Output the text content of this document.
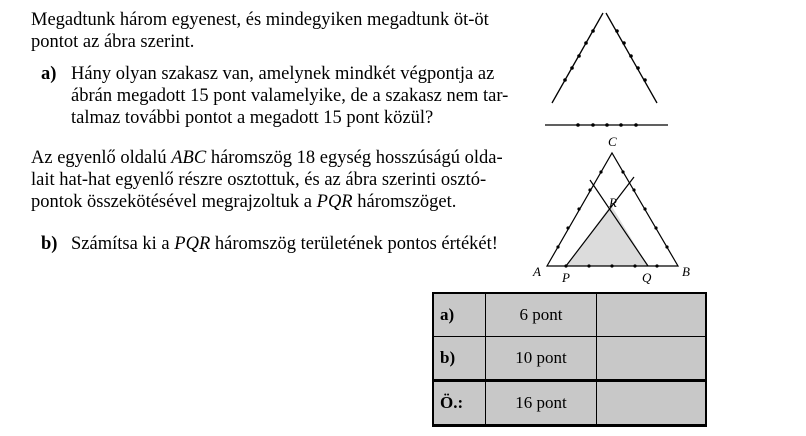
Megadtunk három egyenest, és mindegyiken megadtunk öt-öt
pontot az ábra szerint.
a) Hány olyan szakasz van, amelynek mindkét végpontja az
ábrán megadott 15 pont valamelyike, de a szakasz nem tar-
talmaz további pontot a megadott 15 pont közül?
Az egyenlő oldalú ABC háromszög 18 egység hosszúságú olda-
lait hat-hat egyenlő részre osztottuk, és az ábra szerinti osztó-
pontok összekötésével megrajzoltuk a PQR háromszöget.
b) Számítsa ki a PQR háromszög területének pontos értékét!
C
A	B
P	Q
R
a)	6 pont	
b)	10 pont	
Ö.:	16 pont	
